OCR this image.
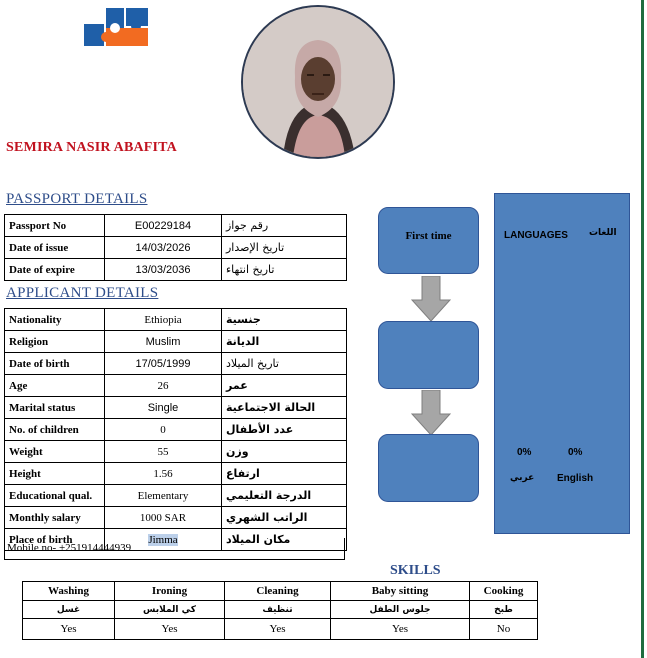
SEMIRA NASIR ABAFITA
PASSPORT DETAILS
Passport No	E00229184	رقم جواز
Date of issue	14/03/2026	تاريخ الإصدار
Date of expire	13/03/2036	تاريخ انتهاء
APPLICANT DETAILS
Nationality	Ethiopia	جنسية
Religion	Muslim	الديانة
Date of birth	17/05/1999	تاريخ الميلاد
Age	26	عمر
Marital status	Single	الحالة الاجتماعية
No. of children	0	عدد الأطفال
Weight	55	وزن
Height	1.56	ارتفاع
Educational qual.	Elementary	الدرجة التعليمي
Monthly salary	1000 SAR	الراتب الشهري
Place of birth	Jimma	مكان الميلاد
Mobile no- +251914444939
First time	LANGUAGES اللغات
0%	0%
عربي English
SKILLS
Washing	Ironing	Cleaning	Baby sitting	Cooking
غسل	كي الملابس	تنظيف	جلوس الطفل	طبخ
Yes	Yes	Yes	Yes	No
